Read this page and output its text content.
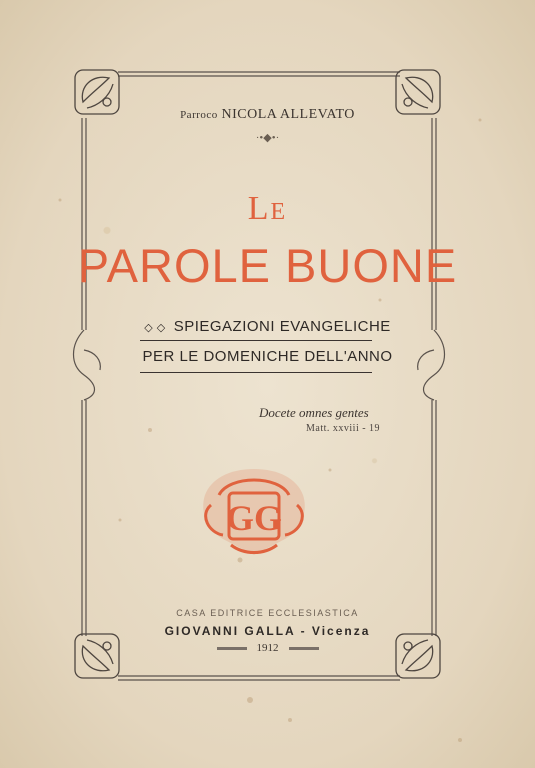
Parroco NICOLA ALLEVATO
·•◆•·
Le
PAROLE BUONE
◇ ◇ SPIEGAZIONI EVANGELICHE
PER LE DOMENICHE DELL'ANNO
Docete omnes gentes
Matt. xxviii - 19
GG
CASA EDITRICE ECCLESIASTICA
GIOVANNI GALLA - Vicenza
1912
